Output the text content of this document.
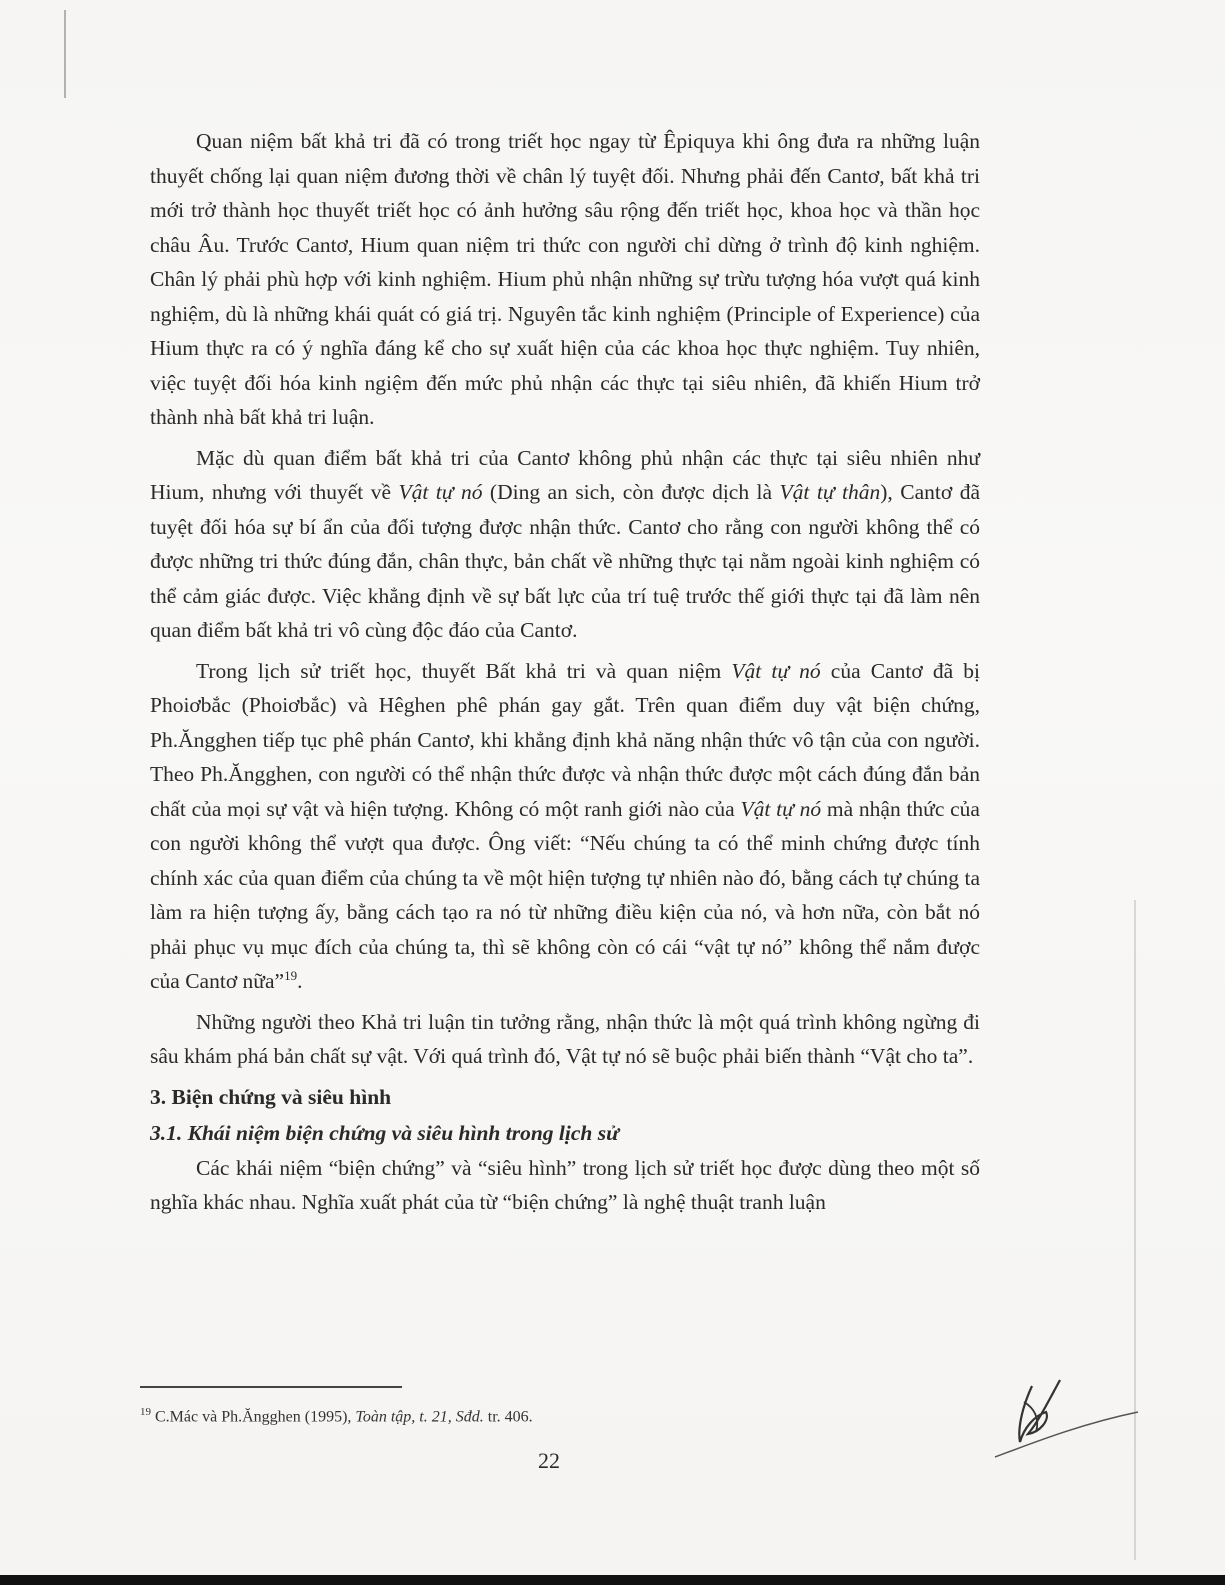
Quan niệm bất khả tri đã có trong triết học ngay từ Êpiquya khi ông đưa ra những luận thuyết chống lại quan niệm đương thời về chân lý tuyệt đối. Nhưng phải đến Cantơ, bất khả tri mới trở thành học thuyết triết học có ảnh hưởng sâu rộng đến triết học, khoa học và thần học châu Âu. Trước Cantơ, Hium quan niệm tri thức con người chỉ dừng ở trình độ kinh nghiệm. Chân lý phải phù hợp với kinh nghiệm. Hium phủ nhận những sự trừu tượng hóa vượt quá kinh nghiệm, dù là những khái quát có giá trị. Nguyên tắc kinh nghiệm (Principle of Experience) của Hium thực ra có ý nghĩa đáng kể cho sự xuất hiện của các khoa học thực nghiệm. Tuy nhiên, việc tuyệt đối hóa kinh ngiệm đến mức phủ nhận các thực tại siêu nhiên, đã khiến Hium trở thành nhà bất khả tri luận.

Mặc dù quan điểm bất khả tri của Cantơ không phủ nhận các thực tại siêu nhiên như Hium, nhưng với thuyết về Vật tự nó (Ding an sich, còn được dịch là Vật tự thân), Cantơ đã tuyệt đối hóa sự bí ẩn của đối tượng được nhận thức. Cantơ cho rằng con người không thể có được những tri thức đúng đắn, chân thực, bản chất về những thực tại nằm ngoài kinh nghiệm có thể cảm giác được. Việc khẳng định về sự bất lực của trí tuệ trước thế giới thực tại đã làm nên quan điểm bất khả tri vô cùng độc đáo của Cantơ.

Trong lịch sử triết học, thuyết Bất khả tri và quan niệm Vật tự nó của Cantơ đã bị Phoiơbắc (Phoiơbắc) và Hêghen phê phán gay gắt. Trên quan điểm duy vật biện chứng, Ph.Ăngghen tiếp tục phê phán Cantơ, khi khẳng định khả năng nhận thức vô tận của con người. Theo Ph.Ăngghen, con người có thể nhận thức được và nhận thức được một cách đúng đắn bản chất của mọi sự vật và hiện tượng. Không có một ranh giới nào của Vật tự nó mà nhận thức của con người không thể vượt qua được. Ông viết: “Nếu chúng ta có thể minh chứng được tính chính xác của quan điểm của chúng ta về một hiện tượng tự nhiên nào đó, bằng cách tự chúng ta làm ra hiện tượng ấy, bằng cách tạo ra nó từ những điều kiện của nó, và hơn nữa, còn bắt nó phải phục vụ mục đích của chúng ta, thì sẽ không còn có cái “vật tự nó” không thể nắm được của Cantơ nữa”$^{19}$.

Những người theo Khả tri luận tin tưởng rằng, nhận thức là một quá trình không ngừng đi sâu khám phá bản chất sự vật. Với quá trình đó, Vật tự nó sẽ buộc phải biến thành “Vật cho ta”.

3. Biện chứng và siêu hình
3.1. Khái niệm biện chứng và siêu hình trong lịch sử

Các khái niệm “biện chứng” và “siêu hình” trong lịch sử triết học được dùng theo một số nghĩa khác nhau. Nghĩa xuất phát của từ “biện chứng” là nghệ thuật tranh luận

$^{19}$ C.Mác và Ph.Ăngghen (1995), Toàn tập, t. 21, Sđd. tr. 406.
22
